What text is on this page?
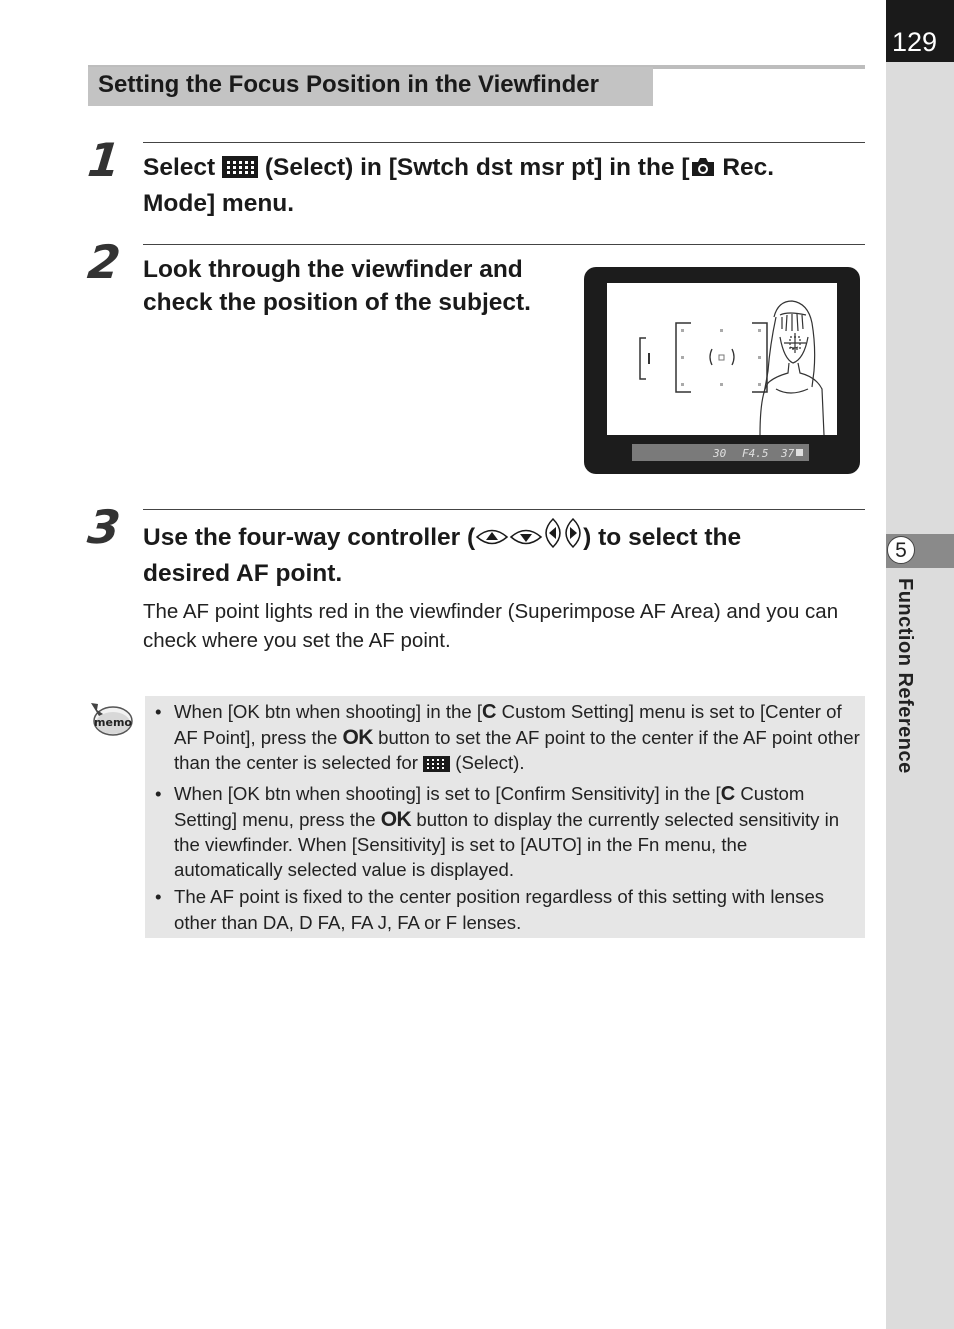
129
5
Function Reference
Setting the Focus Position in the Viewfinder
1 Select (Select) in [Swtch dst msr pt] in the [ Rec.
Mode] menu.
2 Look through the viewfinder and
check the position of the subject.
30 F4.5 37
3 Use the four-way controller (	) to select the
desired AF point.
The AF point lights red in the viewfinder (Superimpose AF Area) and you can check where you set the AF point.
memo
• When [OK btn when shooting] in the [C Custom Setting] menu is set to [Center of AF Point], press the OK button to set the AF point to the center if the AF point other than the center is selected for  (Select).
• When [OK btn when shooting] is set to [Confirm Sensitivity] in the [C Custom Setting] menu, press the OK button to display the currently selected sensitivity in the viewfinder. When [Sensitivity] is set to [AUTO] in the Fn menu, the automatically selected value is displayed.
• The AF point is fixed to the center position regardless of this setting with lenses other than DA, D FA, FA J, FA or F lenses.
